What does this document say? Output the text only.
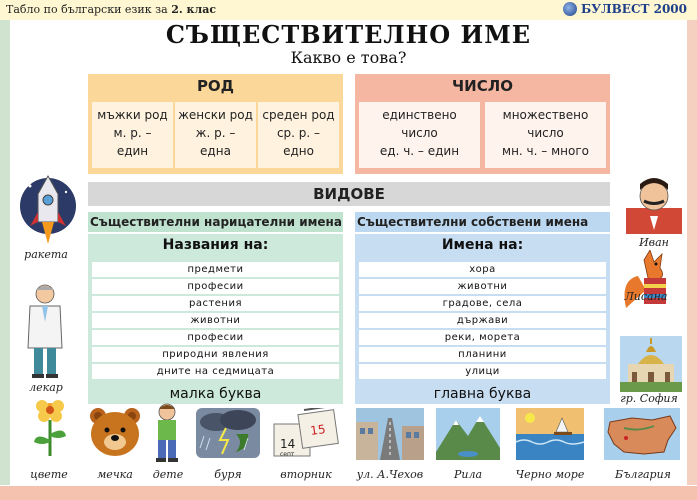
Табло по български език за 2. клас	БУЛВЕСТ 2000
СЪЩЕСТВИТЕЛНО ИМЕ
Какво е това?
РОД
мъжки род
м. р. –
един
женски род
ж. р. –
една
среден род
ср. р. –
едно
ЧИСЛО
единствено
число
ед. ч. – един
множествено
число
мн. ч. – много
ВИДОВЕ
Съществителни нарицателни имена Съществителни собствени имена
Названия на:
предмети
професии
растения
животни
професии
природни явления
дните на седмицата
малка буква
Имена на:
хора
животни
градове, села
държави
реки, морета
планини
улици
главна буква
ракета
лекар
Иван
Лисана
гр. София
цвете	мечка	дете	буря
14
15
септ
вторник	ул. А.Чехов	Рила	Черно море	България
